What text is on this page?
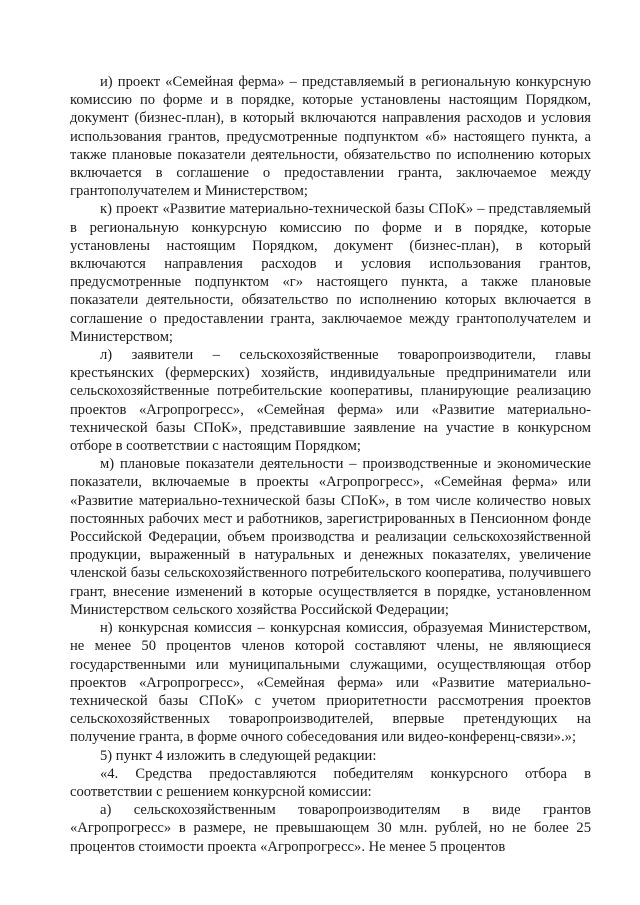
и) проект «Семейная ферма» – представляемый в региональную конкурсную комиссию по форме и в порядке, которые установлены настоящим Порядком, документ (бизнес-план), в который включаются направления расходов и условия использования грантов, предусмотренные подпунктом «б» настоящего пункта, а также плановые показатели деятельности, обязательство по исполнению которых включается в соглашение о предоставлении гранта, заключаемое между грантополучателем и Министерством;

к) проект «Развитие материально-технической базы СПоК» – представляемый в региональную конкурсную комиссию по форме и в порядке, которые установлены настоящим Порядком, документ (бизнес-план), в который включаются направления расходов и условия использования грантов, предусмотренные подпунктом «г» настоящего пункта, а также плановые показатели деятельности, обязательство по исполнению которых включается в соглашение о предоставлении гранта, заключаемое между грантополучателем и Министерством;

л) заявители – сельскохозяйственные товаропроизводители, главы крестьянских (фермерских) хозяйств, индивидуальные предприниматели или сельскохозяйственные потребительские кооперативы, планирующие реализацию проектов «Агропрогресс», «Семейная ферма» или «Развитие материально-технической базы СПоК», представившие заявление на участие в конкурсном отборе в соответствии с настоящим Порядком;

м) плановые показатели деятельности – производственные и экономические показатели, включаемые в проекты «Агропрогресс», «Семейная ферма» или «Развитие материально-технической базы СПоК», в том числе количество новых постоянных рабочих мест и работников, зарегистрированных в Пенсионном фонде Российской Федерации, объем производства и реализации сельскохозяйственной продукции, выраженный в натуральных и денежных показателях, увеличение членской базы сельскохозяйственного потребительского кооператива, получившего грант, внесение изменений в которые осуществляется в порядке, установленном Министерством сельского хозяйства Российской Федерации;

н) конкурсная комиссия – конкурсная комиссия, образуемая Министерством, не менее 50 процентов членов которой составляют члены, не являющиеся государственными или муниципальными служащими, осуществляющая отбор проектов «Агропрогресс», «Семейная ферма» или «Развитие материально-технической базы СПоК» с учетом приоритетности рассмотрения проектов сельскохозяйственных товаропроизводителей, впервые претендующих на получение гранта, в форме очного собеседования или видео-конференц-связи».»;

5) пункт 4 изложить в следующей редакции:

«4. Средства предоставляются победителям конкурсного отбора в соответствии с решением конкурсной комиссии:

а) сельскохозяйственным товаропроизводителям в виде грантов «Агропрогресс» в размере, не превышающем 30 млн. рублей, но не более 25 процентов стоимости проекта «Агропрогресс». Не менее 5 процентов
